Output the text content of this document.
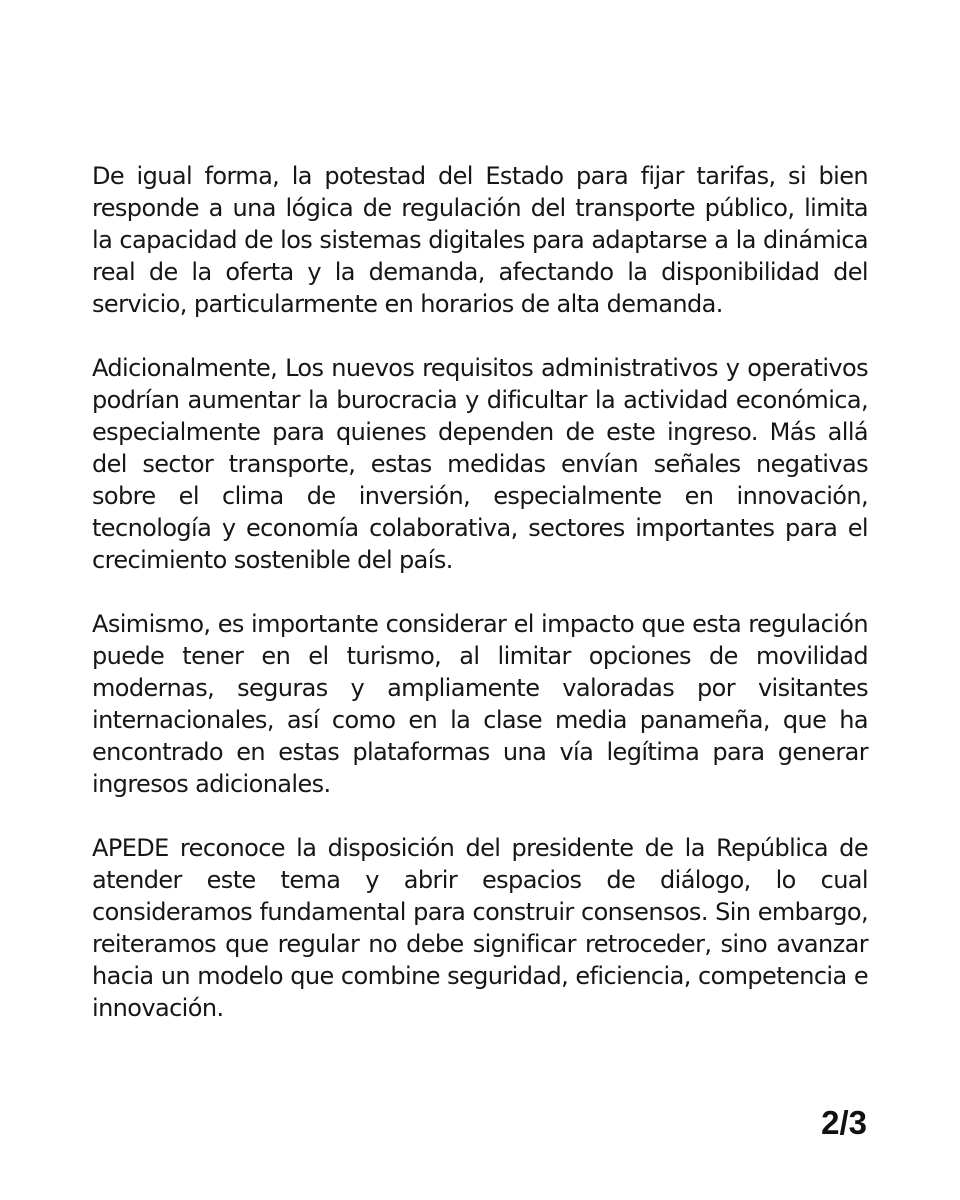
De igual forma, la potestad del Estado para fijar tarifas, si bien responde a una lógica de regulación del transporte público, limita la capacidad de los sistemas digitales para adaptarse a la dinámica real de la oferta y la demanda, afectando la disponibilidad del servicio, particularmente en horarios de alta demanda.

Adicionalmente, Los nuevos requisitos administrativos y operativos podrían aumentar la burocracia y dificultar la actividad económica, especialmente para quienes dependen de este ingreso. Más allá del sector transporte, estas medidas envían señales negativas sobre el clima de inversión, especialmente en innovación, tecnología y economía colaborativa, sectores importantes para el crecimiento sostenible del país.

Asimismo, es importante considerar el impacto que esta regulación puede tener en el turismo, al limitar opciones de movilidad modernas, seguras y ampliamente valoradas por visitantes internacionales, así como en la clase media panameña, que ha encontrado en estas plataformas una vía legítima para generar ingresos adicionales.

APEDE reconoce la disposición del presidente de la República de atender este tema y abrir espacios de diálogo, lo cual consideramos fundamental para construir consensos. Sin embargo, reiteramos que regular no debe significar retroceder, sino avanzar hacia un modelo que combine seguridad, eficiencia, competencia e innovación.

2/3
